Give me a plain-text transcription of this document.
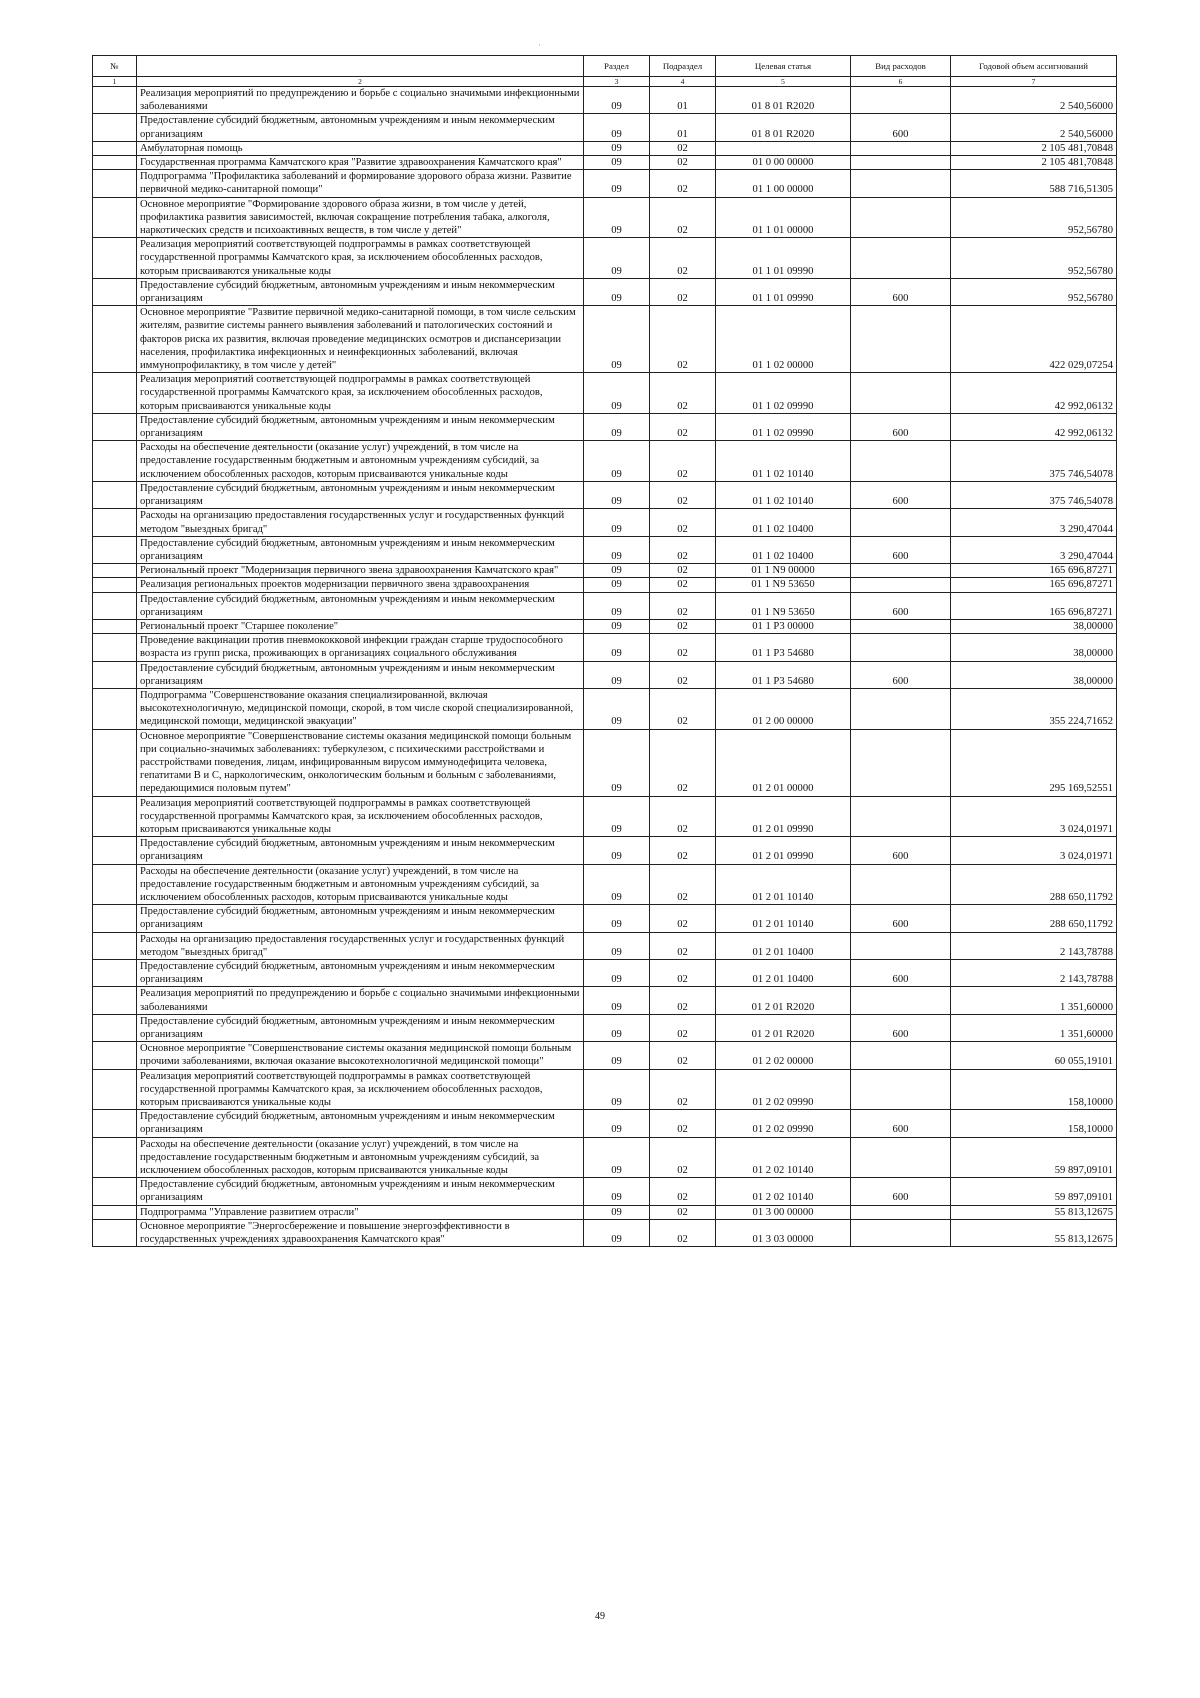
·
№		Раздел	Подраздел	Целевая статья	Вид расходов	Годовой объем ассигнований
1	2	3	4	5	6	7
	Реализация мероприятий по предупреждению и борьбе с социально значимыми инфекционными заболеваниями	09	01	01 8 01 R2020		2 540,56000
	Предоставление субсидий бюджетным, автономным учреждениям и иным некоммерческим организациям	09	01	01 8 01 R2020	600	2 540,56000
	Амбулаторная помощь	09	02			2 105 481,70848
	Государственная программа Камчатского края "Развитие здравоохранения Камчатского края"	09	02	01 0 00 00000		2 105 481,70848
	Подпрограмма "Профилактика заболеваний и формирование здорового образа жизни. Развитие первичной медико-санитарной помощи"	09	02	01 1 00 00000		588 716,51305
	Основное мероприятие "Формирование здорового образа жизни, в том числе у детей, профилактика развития зависимостей, включая сокращение потребления табака, алкоголя, наркотических средств и психоактивных веществ, в том числе у детей"	09	02	01 1 01 00000		952,56780
	Реализация мероприятий соответствующей подпрограммы в рамках соответствующей государственной программы Камчатского края, за исключением обособленных расходов, которым присваиваются уникальные коды	09	02	01 1 01 09990		952,56780
	Предоставление субсидий бюджетным, автономным учреждениям и иным некоммерческим организациям	09	02	01 1 01 09990	600	952,56780
	Основное мероприятие "Развитие первичной медико-санитарной помощи, в том числе сельским жителям, развитие системы раннего выявления заболеваний и патологических состояний и факторов риска их развития, включая проведение медицинских осмотров и диспансеризации населения, профилактика инфекционных и неинфекционных заболеваний, включая иммунопрофилактику, в том числе у детей"	09	02	01 1 02 00000		422 029,07254
	Реализация мероприятий соответствующей подпрограммы в рамках соответствующей государственной программы Камчатского края, за исключением обособленных расходов, которым присваиваются уникальные коды	09	02	01 1 02 09990		42 992,06132
	Предоставление субсидий бюджетным, автономным учреждениям и иным некоммерческим организациям	09	02	01 1 02 09990	600	42 992,06132
	Расходы на обеспечение деятельности (оказание услуг) учреждений, в том числе на предоставление государственным бюджетным и автономным учреждениям субсидий, за исключением обособленных расходов, которым присваиваются уникальные коды	09	02	01 1 02 10140		375 746,54078
	Предоставление субсидий бюджетным, автономным учреждениям и иным некоммерческим организациям	09	02	01 1 02 10140	600	375 746,54078
	Расходы на организацию предоставления государственных услуг и государственных функций методом "выездных бригад"	09	02	01 1 02 10400		3 290,47044
	Предоставление субсидий бюджетным, автономным учреждениям и иным некоммерческим организациям	09	02	01 1 02 10400	600	3 290,47044
	Региональный проект "Модернизация первичного звена здравоохранения Камчатского края"	09	02	01 1 N9 00000		165 696,87271
	Реализация региональных проектов модернизации первичного звена здравоохранения	09	02	01 1 N9 53650		165 696,87271
	Предоставление субсидий бюджетным, автономным учреждениям и иным некоммерческим организациям	09	02	01 1 N9 53650	600	165 696,87271
	Региональный проект "Старшее поколение"	09	02	01 1 P3 00000		38,00000
	Проведение вакцинации против пневмококковой инфекции граждан старше трудоспособного возраста из групп риска, проживающих в организациях социального обслуживания	09	02	01 1 P3 54680		38,00000
	Предоставление субсидий бюджетным, автономным учреждениям и иным некоммерческим организациям	09	02	01 1 P3 54680	600	38,00000
	Подпрограмма "Совершенствование оказания специализированной, включая высокотехнологичную, медицинской помощи, скорой, в том числе скорой специализированной, медицинской помощи, медицинской эвакуации"	09	02	01 2 00 00000		355 224,71652
	Основное мероприятие "Совершенствование системы оказания медицинской помощи больным при социально-значимых заболеваниях: туберкулезом, с психическими расстройствами и расстройствами поведения, лицам, инфицированным вирусом иммунодефицита человека, гепатитами B и C, наркологическим, онкологическим больным и больным с заболеваниями, передающимися половым путем"	09	02	01 2 01 00000		295 169,52551
	Реализация мероприятий соответствующей подпрограммы в рамках соответствующей государственной программы Камчатского края, за исключением обособленных расходов, которым присваиваются уникальные коды	09	02	01 2 01 09990		3 024,01971
	Предоставление субсидий бюджетным, автономным учреждениям и иным некоммерческим организациям	09	02	01 2 01 09990	600	3 024,01971
	Расходы на обеспечение деятельности (оказание услуг) учреждений, в том числе на предоставление государственным бюджетным и автономным учреждениям субсидий, за исключением обособленных расходов, которым присваиваются уникальные коды	09	02	01 2 01 10140		288 650,11792
	Предоставление субсидий бюджетным, автономным учреждениям и иным некоммерческим организациям	09	02	01 2 01 10140	600	288 650,11792
	Расходы на организацию предоставления государственных услуг и государственных функций методом "выездных бригад"	09	02	01 2 01 10400		2 143,78788
	Предоставление субсидий бюджетным, автономным учреждениям и иным некоммерческим организациям	09	02	01 2 01 10400	600	2 143,78788
	Реализация мероприятий по предупреждению и борьбе с социально значимыми инфекционными заболеваниями	09	02	01 2 01 R2020		1 351,60000
	Предоставление субсидий бюджетным, автономным учреждениям и иным некоммерческим организациям	09	02	01 2 01 R2020	600	1 351,60000
	Основное мероприятие "Совершенствование системы оказания медицинской помощи больным прочими заболеваниями, включая оказание высокотехнологичной медицинской помощи"	09	02	01 2 02 00000		60 055,19101
	Реализация мероприятий соответствующей подпрограммы в рамках соответствующей государственной программы Камчатского края, за исключением обособленных расходов, которым присваиваются уникальные коды	09	02	01 2 02 09990		158,10000
	Предоставление субсидий бюджетным, автономным учреждениям и иным некоммерческим организациям	09	02	01 2 02 09990	600	158,10000
	Расходы на обеспечение деятельности (оказание услуг) учреждений, в том числе на предоставление государственным бюджетным и автономным учреждениям субсидий, за исключением обособленных расходов, которым присваиваются уникальные коды	09	02	01 2 02 10140		59 897,09101
	Предоставление субсидий бюджетным, автономным учреждениям и иным некоммерческим организациям	09	02	01 2 02 10140	600	59 897,09101
	Подпрограмма "Управление развитием отрасли"	09	02	01 3 00 00000		55 813,12675
	Основное мероприятие "Энергосбережение и повышение энергоэффективности в государственных учреждениях здравоохранения Камчатского края"	09	02	01 3 03 00000		55 813,12675
49
